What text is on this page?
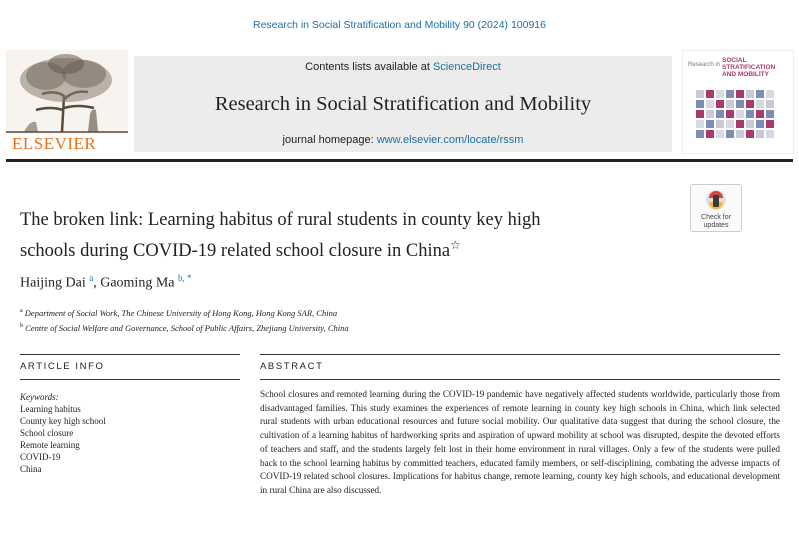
Research in Social Stratification and Mobility 90 (2024) 100916
ELSEVIER
Contents lists available at ScienceDirect
Research in Social Stratification and Mobility
journal homepage: www.elsevier.com/locate/rssm
Research in
SOCIAL
STRATIFICATION
AND MOBILITY
Check for
updates
The broken link: Learning habitus of rural students in county key high
schools during COVID-19 related school closure in China☆
Haijing Dai $^a$, Gaoming Ma $^{b, *}$
$^a$ Department of Social Work, The Chinese University of Hong Kong, Hong Kong SAR, China
$^b$ Centre of Social Welfare and Governance, School of Public Affairs, Zhejiang University, China
ARTICLE INFO	ABSTRACT
Keywords:
Learning habitus
County key high school
School closure
Remote learning
COVID-19
China
School closures and remoted learning during the COVID-19 pandemic have negatively affected students worldwide, particularly those from disadvantaged families. This study examines the experiences of remote learning in county key high schools in China, which link selected rural students with urban educational resources and future social mobility. Our qualitative data suggest that during the school closure, the cultivation of a learning habitus of hardworking sprits and aspiration of upward mobility at school was disrupted, despite the devoted efforts of teachers and staff, and the students largely felt lost in their home environment in rural villages. Only a few of the students were pulled back to the school learning habitus by committed teachers, educated family members, or self-disciplining, combating the adverse impacts of COVID-19 related school closures. Implications for habitus change, remote learning, county key high schools, and educational development in rural China are also discussed.
